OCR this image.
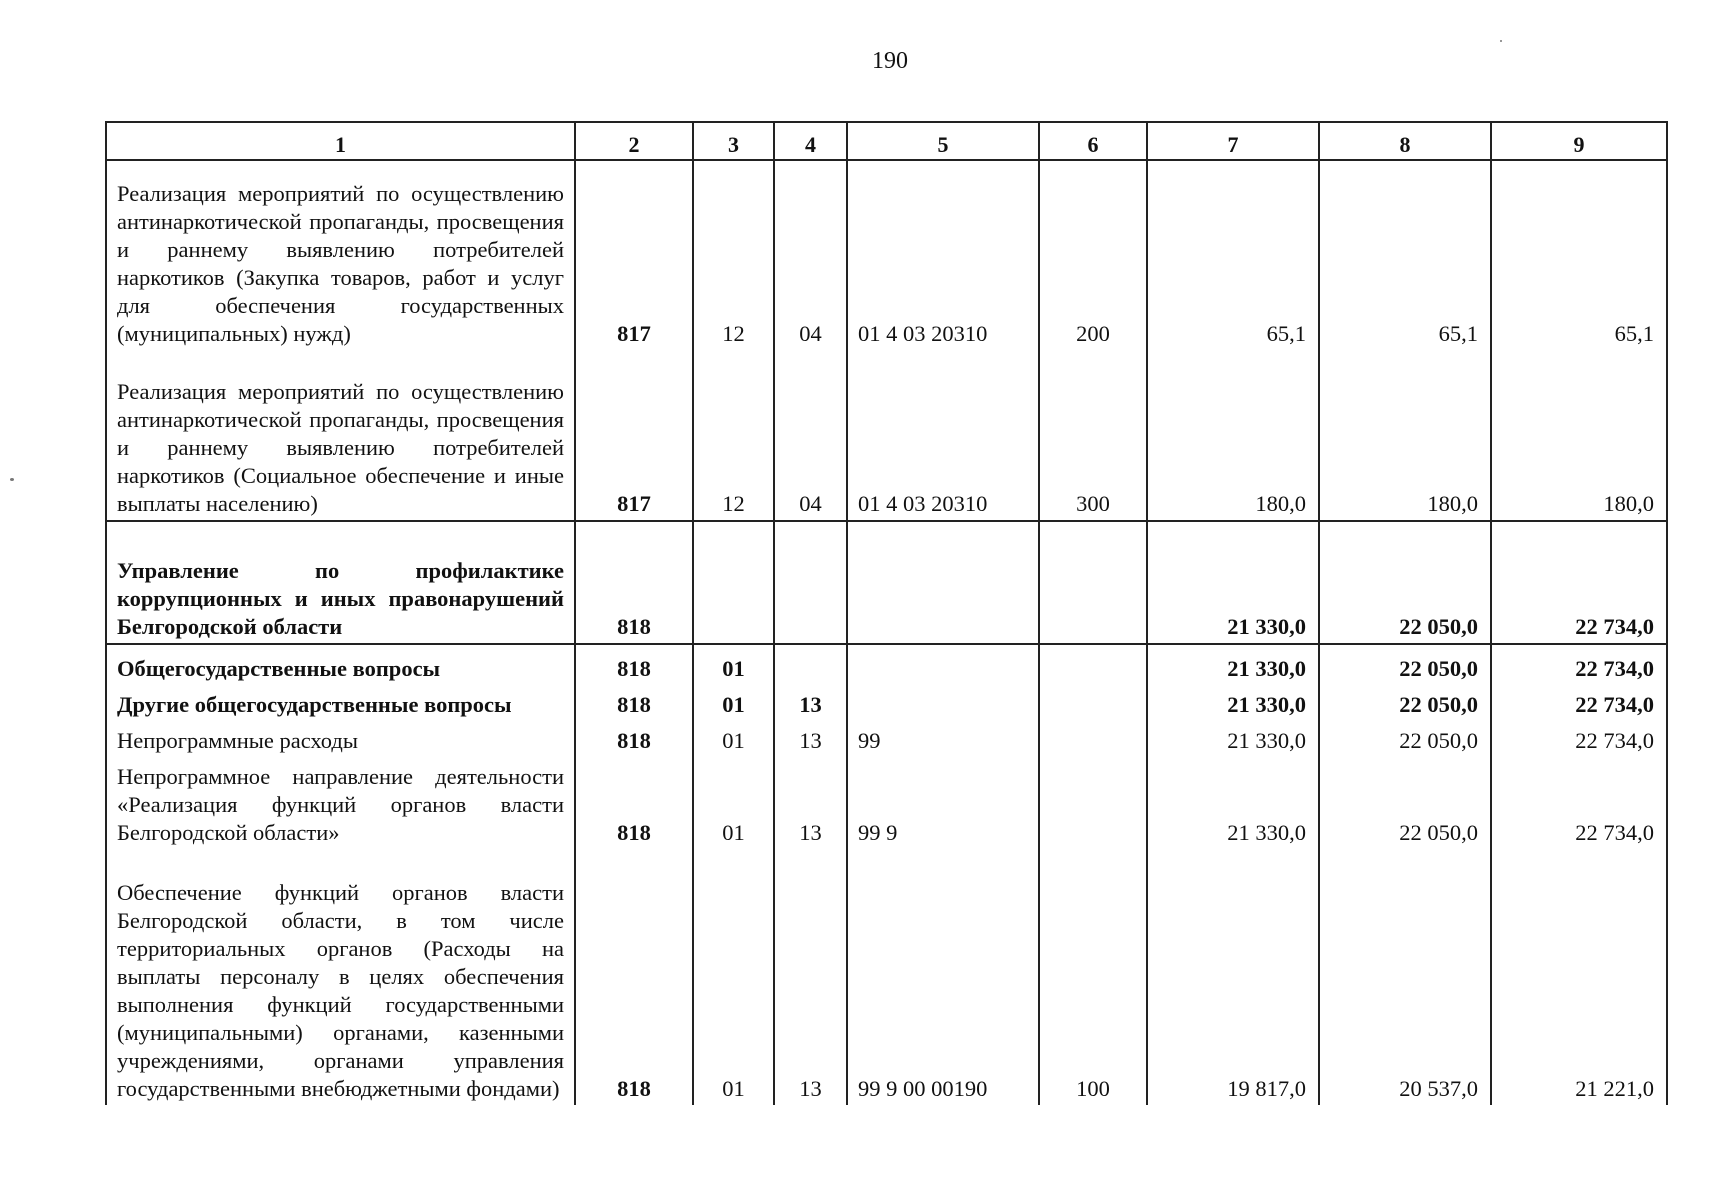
190
1	2	3	4	5	6	7	8	9
Реализация мероприятий по осуществлению антинаркотической пропаганды, просвещения и раннему выявлению потребителей наркотиков (Закупка товаров, работ и услуг для обеспечения государственных (муниципальных) нужд)	817	12	04	01 4 03 20310	200	65,1	65,1	65,1
Реализация мероприятий по осуществлению антинаркотической пропаганды, просвещения и раннему выявлению потребителей наркотиков (Социальное обеспечение и иные выплаты населению)	817	12	04	01 4 03 20310	300	180,0	180,0	180,0
Управление по профилактике коррупционных и иных правонарушений Белгородской области	818					21 330,0	22 050,0	22 734,0
Общегосударственные вопросы	818	01				21 330,0	22 050,0	22 734,0
Другие общегосударственные вопросы	818	01	13			21 330,0	22 050,0	22 734,0
Непрограммные расходы	818	01	13	99		21 330,0	22 050,0	22 734,0
Непрограммное направление деятельности «Реализация функций органов власти Белгородской области»	818	01	13	99 9		21 330,0	22 050,0	22 734,0
Обеспечение функций органов власти Белгородской области, в том числе территориальных органов (Расходы на выплаты персоналу в целях обеспечения выполнения функций государственными (муниципальными) органами, казенными учреждениями, органами управления государственными внебюджетными фондами)	818	01	13	99 9 00 00190	100	19 817,0	20 537,0	21 221,0
